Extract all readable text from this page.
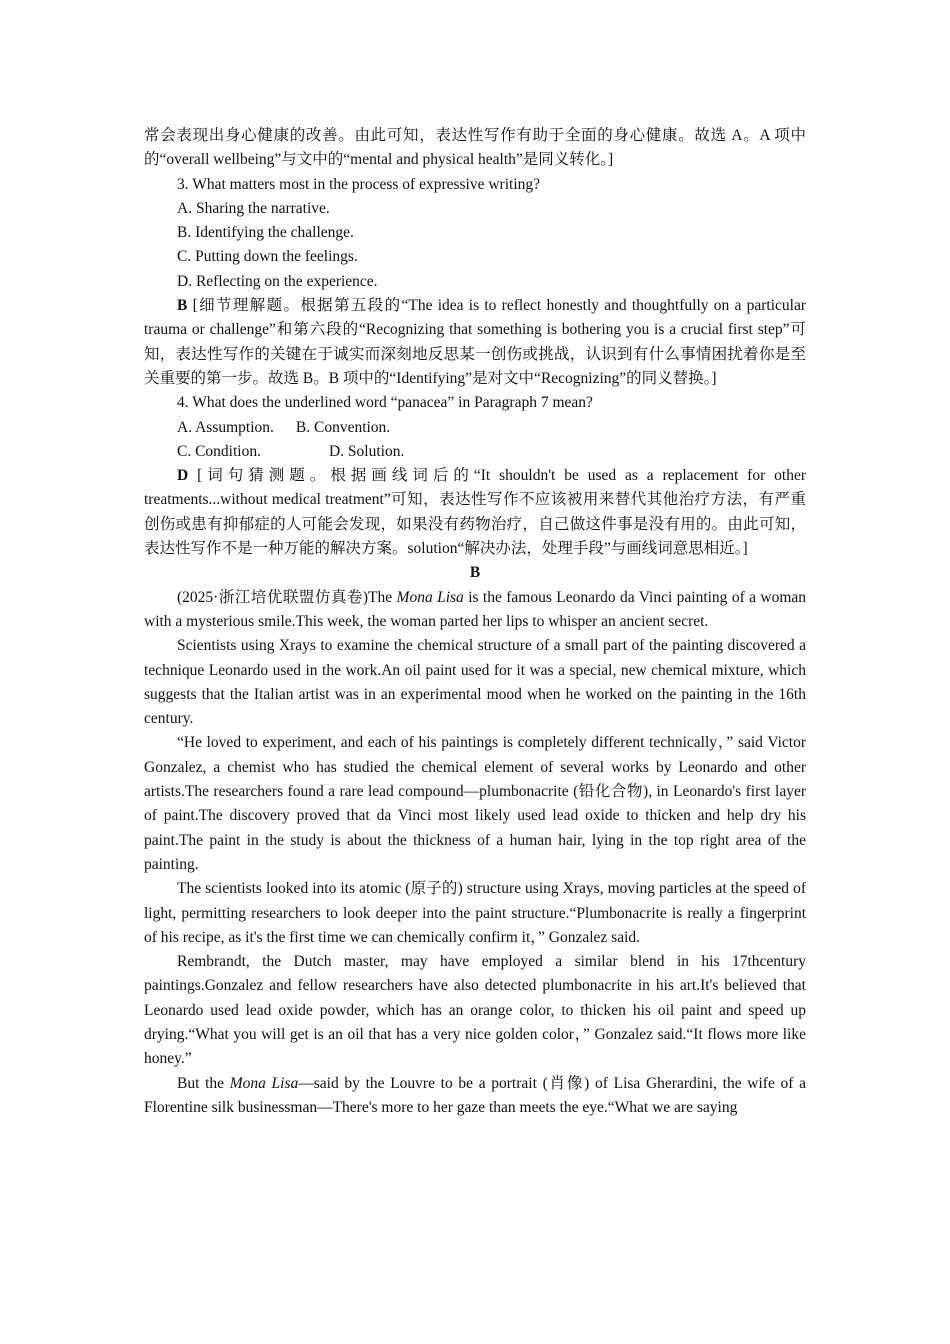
常会表现出身心健康的改善。由此可知，表达性写作有助于全面的身心健康。故选 A。A 项中的“overall wellbeing”与文中的“mental and physical health”是同义转化。]

3. What matters most in the process of expressive writing?

A. Sharing the narrative.

B. Identifying the challenge.

C. Putting down the feelings.

D. Reflecting on the experience.

B [细节理解题。根据第五段的“The idea is to reflect honestly and thoughtfully on a particular trauma or challenge”和第六段的“Recognizing that something is bothering you is a crucial first step”可知，表达性写作的关键在于诚实而深刻地反思某一创伤或挑战，认识到有什么事情困扰着你是至关重要的第一步。故选 B。B 项中的“Identifying”是对文中“Recognizing”的同义替换。]

4. What does the underlined word “panacea” in Paragraph 7 mean?

A. Assumption. B. Convention.

C. Condition.	D. Solution.

D [词句猜测题。根据画线词后的“It shouldn't be used as a replacement for other treatments...without medical treatment”可知，表达性写作不应该被用来替代其他治疗方法，有严重创伤或患有抑郁症的人可能会发现，如果没有药物治疗，自己做这件事是没有用的。由此可知，表达性写作不是一种万能的解决方案。solution“解决办法，处理手段”与画线词意思相近。]

B

(2025·浙江培优联盟仿真卷)The Mona Lisa is the famous Leonardo da Vinci painting of a woman with a mysterious smile.This week, the woman parted her lips to whisper an ancient secret.

Scientists using Xrays to examine the chemical structure of a small part of the painting discovered a technique Leonardo used in the work.An oil paint used for it was a special, new chemical mixture, which suggests that the Italian artist was in an experimental mood when he worked on the painting in the 16th century.

“He loved to experiment, and each of his paintings is completely different technically，” said Victor Gonzalez, a chemist who has studied the chemical element of several works by Leonardo and other artists.The researchers found a rare lead compound—plumbonacrite (铅化合物), in Leonardo's first layer of paint.The discovery proved that da Vinci most likely used lead oxide to thicken and help dry his paint.The paint in the study is about the thickness of a human hair, lying in the top right area of the painting.

The scientists looked into its atomic (原子的) structure using Xrays, moving particles at the speed of light, permitting researchers to look deeper into the paint structure.“Plumbonacrite is really a fingerprint of his recipe, as it's the first time we can chemically confirm it，” Gonzalez said.

Rembrandt, the Dutch master, may have employed a similar blend in his 17thcentury paintings.Gonzalez and fellow researchers have also detected plumbonacrite in his art.It's believed that Leonardo used lead oxide powder, which has an orange color, to thicken his oil paint and speed up drying.“What you will get is an oil that has a very nice golden color，” Gonzalez said.“It flows more like honey.”

But the Mona Lisa—said by the Louvre to be a portrait (肖像) of Lisa Gherardini, the wife of a Florentine silk businessman—There's more to her gaze than meets the eye.“What we are saying
